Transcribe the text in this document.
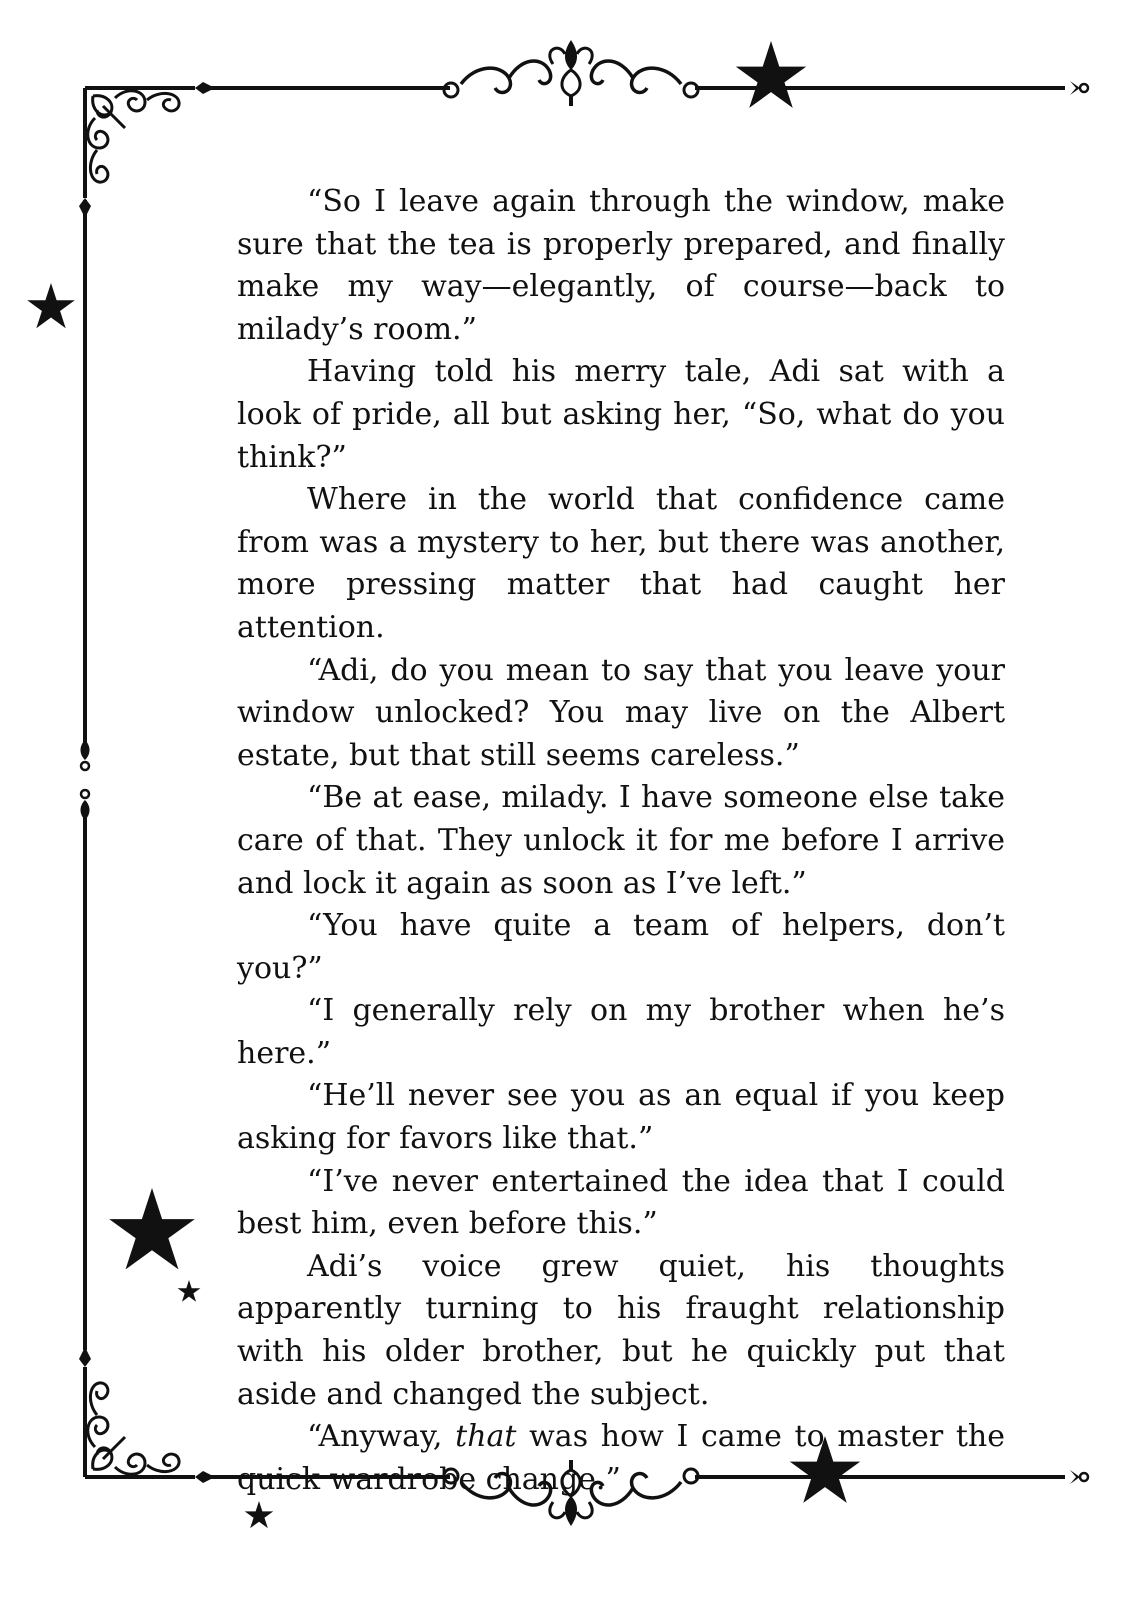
“So I leave again through the window, make sure that the tea is properly prepared, and finally make my way—elegantly, of course—back to milady’s room.”

Having told his merry tale, Adi sat with a look of pride, all but asking her, “So, what do you think?”

Where in the world that confidence came from was a mystery to her, but there was another, more pressing matter that had caught her attention.

“Adi, do you mean to say that you leave your window unlocked? You may live on the Albert estate, but that still seems careless.”

“Be at ease, milady. I have someone else take care of that. They unlock it for me before I arrive and lock it again as soon as I’ve left.”

“You have quite a team of helpers, don’t you?”

“I generally rely on my brother when he’s here.”

“He’ll never see you as an equal if you keep asking for favors like that.”

“I’ve never entertained the idea that I could best him, even before this.”

Adi’s voice grew quiet, his thoughts apparently turning to his fraught relationship with his older brother, but he quickly put that aside and changed the subject.

“Anyway, that was how I came to master the quick wardrobe change.”
